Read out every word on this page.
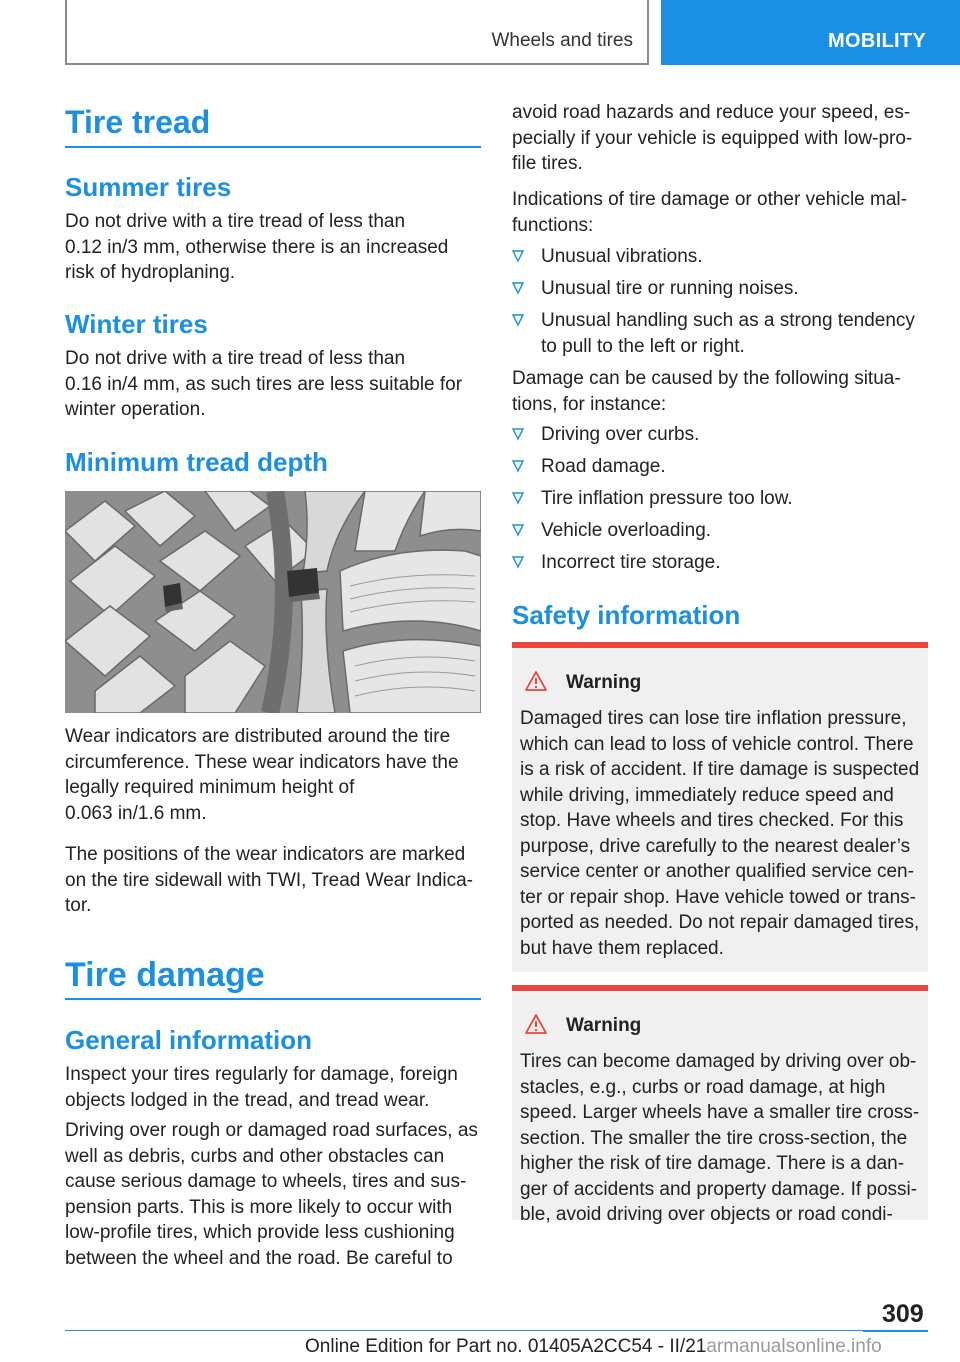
Wheels and tires	MOBILITY
Tire tread
Summer tires
Do not drive with a tire tread of less than
0.12 in/3 mm, otherwise there is an increased
risk of hydroplaning.
Winter tires
Do not drive with a tire tread of less than
0.16 in/4 mm, as such tires are less suitable for
winter operation.
Minimum tread depth
Wear indicators are distributed around the tire
circumference. These wear indicators have the
legally required minimum height of
0.063 in/1.6 mm.
The positions of the wear indicators are marked
on the tire sidewall with TWI, Tread Wear Indica‐
tor.
Tire damage
General information
Inspect your tires regularly for damage, foreign
objects lodged in the tread, and tread wear.
Driving over rough or damaged road surfaces, as
well as debris, curbs and other obstacles can
cause serious damage to wheels, tires and sus‐
pension parts. This is more likely to occur with
low-profile tires, which provide less cushioning
between the wheel and the road. Be careful to
avoid road hazards and reduce your speed, es‐
pecially if your vehicle is equipped with low-pro‐
file tires.
Indications of tire damage or other vehicle mal‐
functions:
Unusual vibrations.
Unusual tire or running noises.
Unusual handling such as a strong tendency
to pull to the left or right.
Damage can be caused by the following situa‐
tions, for instance:
Driving over curbs.
Road damage.
Tire inflation pressure too low.
Vehicle overloading.
Incorrect tire storage.
Safety information
Warning
Damaged tires can lose tire inflation pressure,
which can lead to loss of vehicle control. There
is a risk of accident. If tire damage is suspected
while driving, immediately reduce speed and
stop. Have wheels and tires checked. For this
purpose, drive carefully to the nearest dealer’s
service center or another qualified service cen‐
ter or repair shop. Have vehicle towed or trans‐
ported as needed. Do not repair damaged tires,
but have them replaced.
Warning
Tires can become damaged by driving over ob‐
stacles, e.g., curbs or road damage, at high
speed. Larger wheels have a smaller tire cross-
section. The smaller the tire cross-section, the
higher the risk of tire damage. There is a dan‐
ger of accidents and property damage. If possi‐
ble, avoid driving over objects or road condi‐
309
Online Edition for Part no. 01405A2CC54 - II/21armanualsonline.info
